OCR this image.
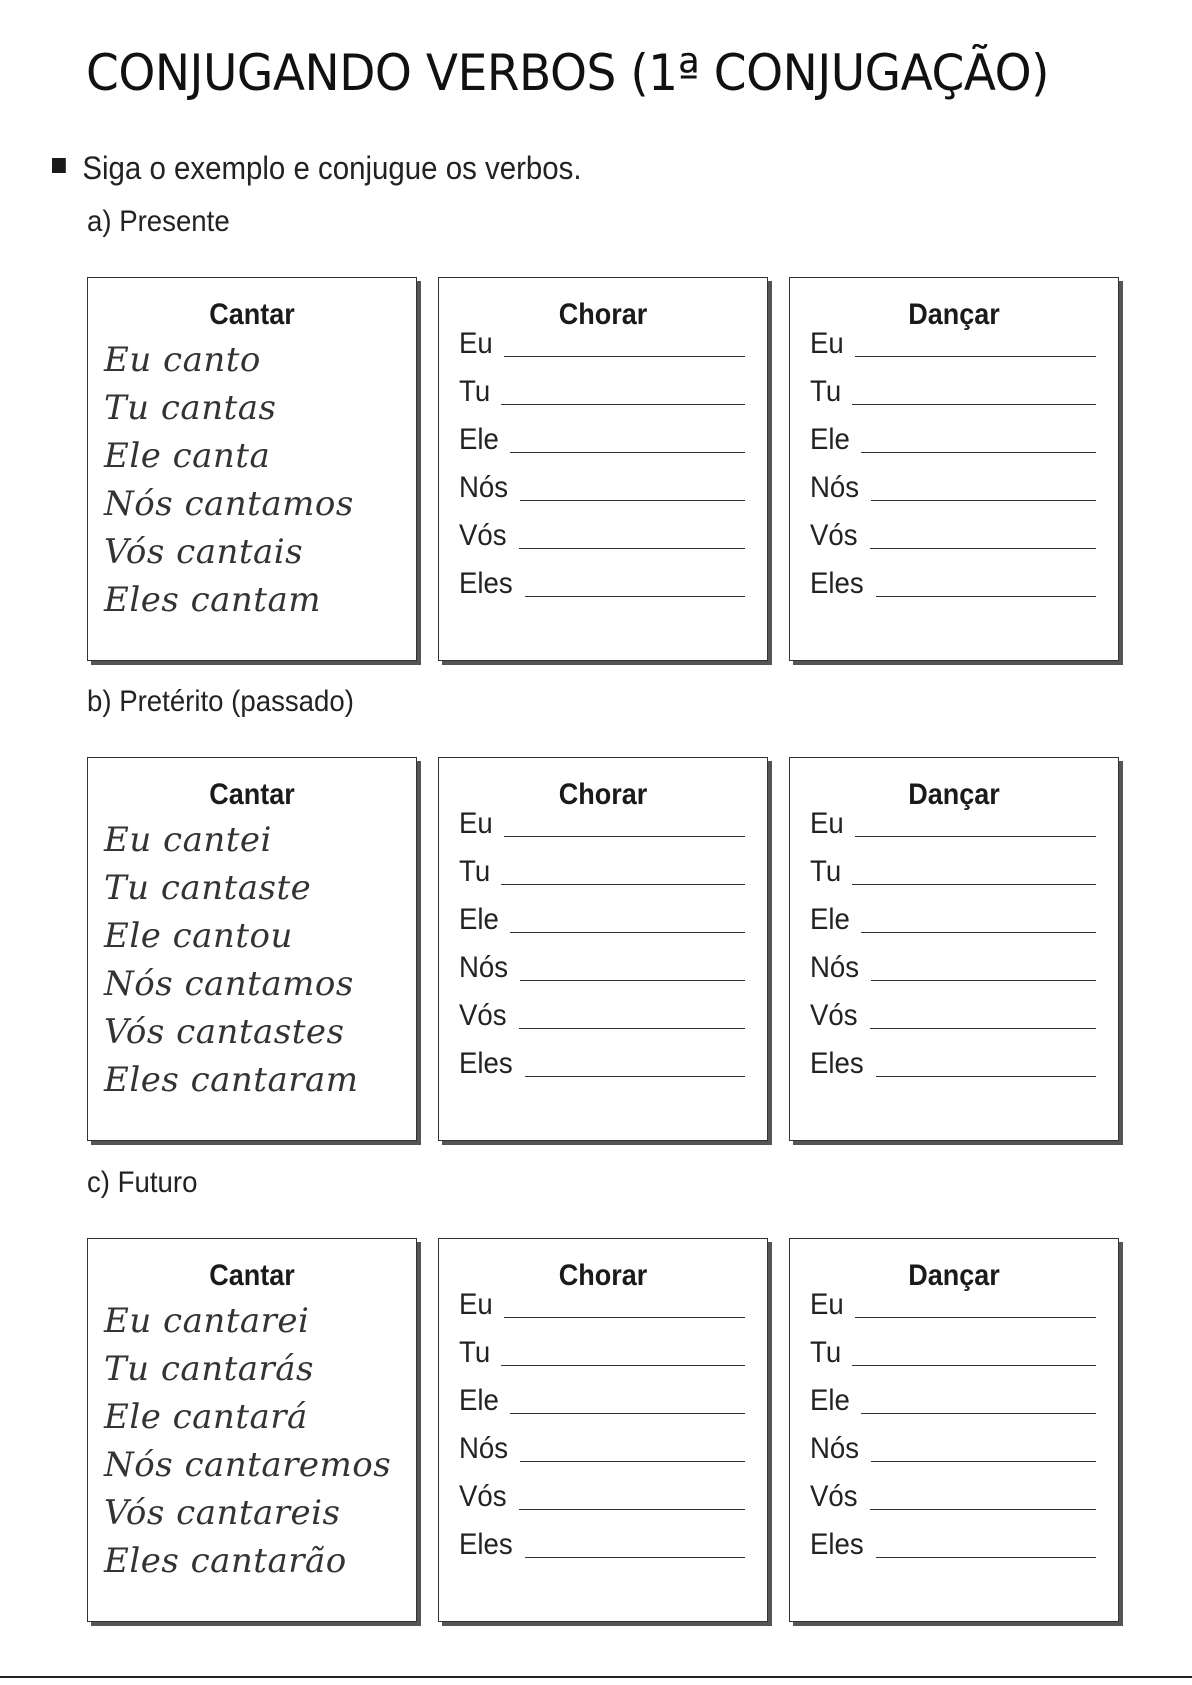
CONJUGANDO VERBOS (1ª CONJUGAÇÃO)
Siga o exemplo e conjugue os verbos.
a) Presente
Cantar
Eu canto
Tu cantas
Ele canta
Nós cantamos
Vós cantais
Eles cantam
Chorar
Eu
Tu
Ele
Nós
Vós
Eles
Dançar
Eu
Tu
Ele
Nós
Vós
Eles
b) Pretérito (passado)
Cantar
Eu cantei
Tu cantaste
Ele cantou
Nós cantamos
Vós cantastes
Eles cantaram
Chorar
Eu
Tu
Ele
Nós
Vós
Eles
Dançar
Eu
Tu
Ele
Nós
Vós
Eles
c) Futuro
Cantar
Eu cantarei
Tu cantarás
Ele cantará
Nós cantaremos
Vós cantareis
Eles cantarão
Chorar
Eu
Tu
Ele
Nós
Vós
Eles
Dançar
Eu
Tu
Ele
Nós
Vós
Eles
